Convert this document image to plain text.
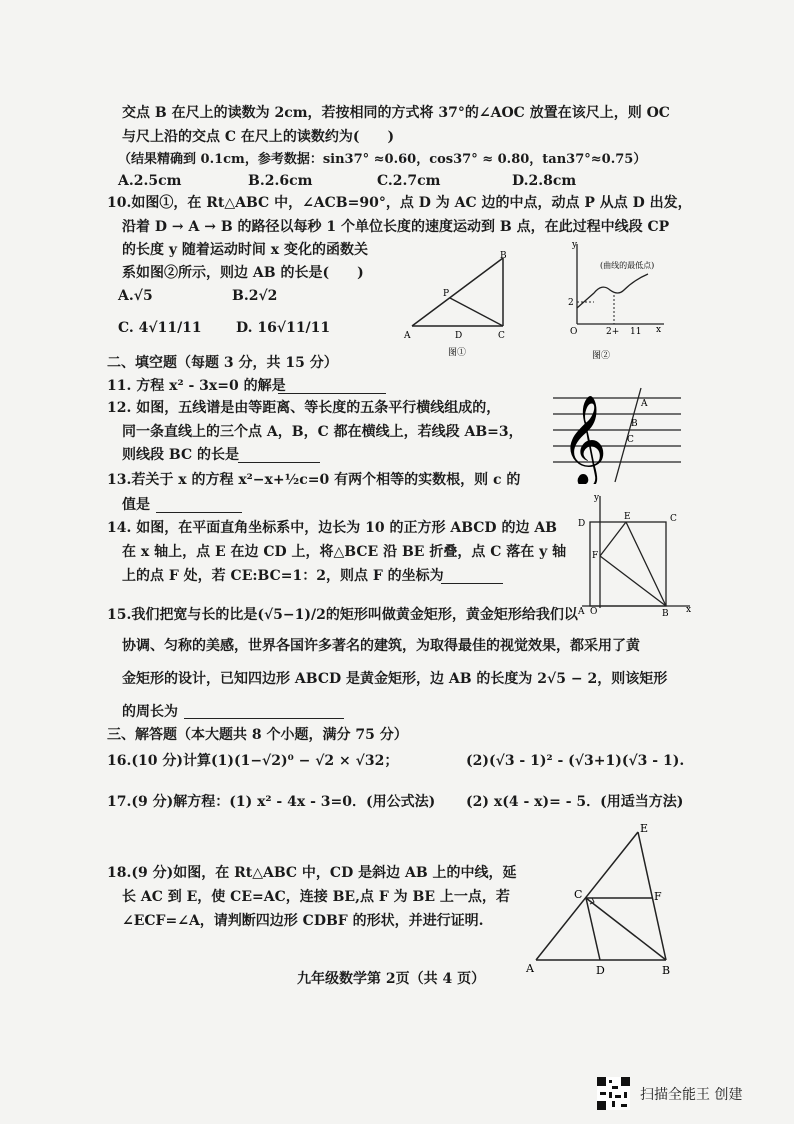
交点 B 在尺上的读数为 2cm，若按相同的方式将 37°的∠AOC 放置在该尺上，则 OC
与尺上沿的交点 C 在尺上的读数约为(　　)
（结果精确到 0.1cm，参考数据：sin37° ≈0.60，cos37° ≈ 0.80，tan37°≈0.75）
A.2.5cm	B.2.6cm	C.2.7cm	D.2.8cm
10.如图①，在 Rt△ABC 中，∠ACB=90°，点 D 为 AC 边的中点，动点 P 从点 D 出发，
沿着 D → A → B 的路径以每秒 1 个单位长度的速度运动到 B 点，在此过程中线段 CP
的长度 y 随着运动时间 x 变化的函数关
系如图②所示，则边 AB 的长是(　　)
A.√5	B.2√2
C. 4√11/11 D. 16√11/11
B
P
A	D	C
图①
y
(曲线的最低点)
2
O	2+ 11 x
图②
二、填空题（每题 3 分，共 15 分）
11. 方程 x² - 3x=0 的解是
12. 如图，五线谱是由等距离、等长度的五条平行横线组成的，
同一条直线上的三个点 A，B，C 都在横线上，若线段 AB=3，
则线段 BC 的长是	𝄞	A
B
C
13.若关于 x 的方程 x²−x+½c=0 有两个相等的实数根，则 c 的
值是
14. 如图，在平面直角坐标系中，边长为 10 的正方形 ABCD 的边 AB
在 x 轴上，点 E 在边 CD 上，将△BCE 沿 BE 折叠，点 C 落在 y 轴
上的点 F 处，若 CE:BC=1：2，则点 F 的坐标为
y
D
E	C
F
A O	B x
15.我们把宽与长的比是(√5−1)/2的矩形叫做黄金矩形，黄金矩形给我们以
协调、匀称的美感，世界各国许多著名的建筑，为取得最佳的视觉效果，都采用了黄
金矩形的设计，已知四边形 ABCD 是黄金矩形，边 AB 的长度为 2√5 − 2，则该矩形
的周长为
三、解答题（本大题共 8 个小题，满分 75 分）
16.(10 分)计算(1)(1−√2)⁰ − √2 × √32；	(2)(√3 - 1)² - (√3+1)(√3 - 1).
17.(9 分)解方程：(1) x² - 4x - 3=0．(用公式法) (2) x(4 - x)= - 5．(用适当方法)
18.(9 分)如图，在 Rt△ABC 中，CD 是斜边 AB 上的中线，延
长 AC 到 E，使 CE=AC，连接 BE,点 F 为 BE 上一点，若
∠ECF=∠A，请判断四边形 CDBF 的形状，并进行证明.
E
C	F
A	D	B
九年级数学第 2页（共 4 页）
扫描全能王 创建
